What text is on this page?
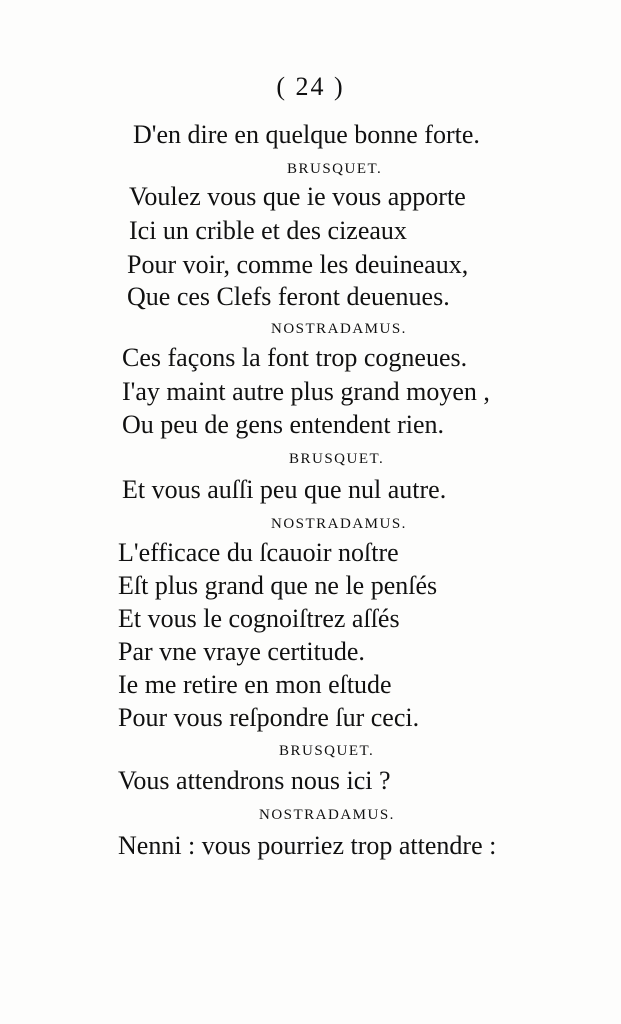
( 24 )
D'en dire en quelque bonne forte.
BRUSQUET.
Voulez vous que ie vous apporte
Ici un crible et des cizeaux
Pour voir, comme les deuineaux,
Que ces Clefs feront deuenues.
NOSTRADAMUS.
Ces façons la font trop cogneues.
I'ay maint autre plus grand moyen ,
Ou peu de gens entendent rien.
BRUSQUET.
Et vous auſſi peu que nul autre.
NOSTRADAMUS.
L'efficace du ſcauoir noſtre
Eſt plus grand que ne le penſés
Et vous le cognoiſtrez aſſés
Par vne vraye certitude.
Ie me retire en mon eſtude
Pour vous reſpondre ſur ceci.
BRUSQUET.
Vous attendrons nous ici ?
NOSTRADAMUS.
Nenni : vous pourriez trop attendre :
